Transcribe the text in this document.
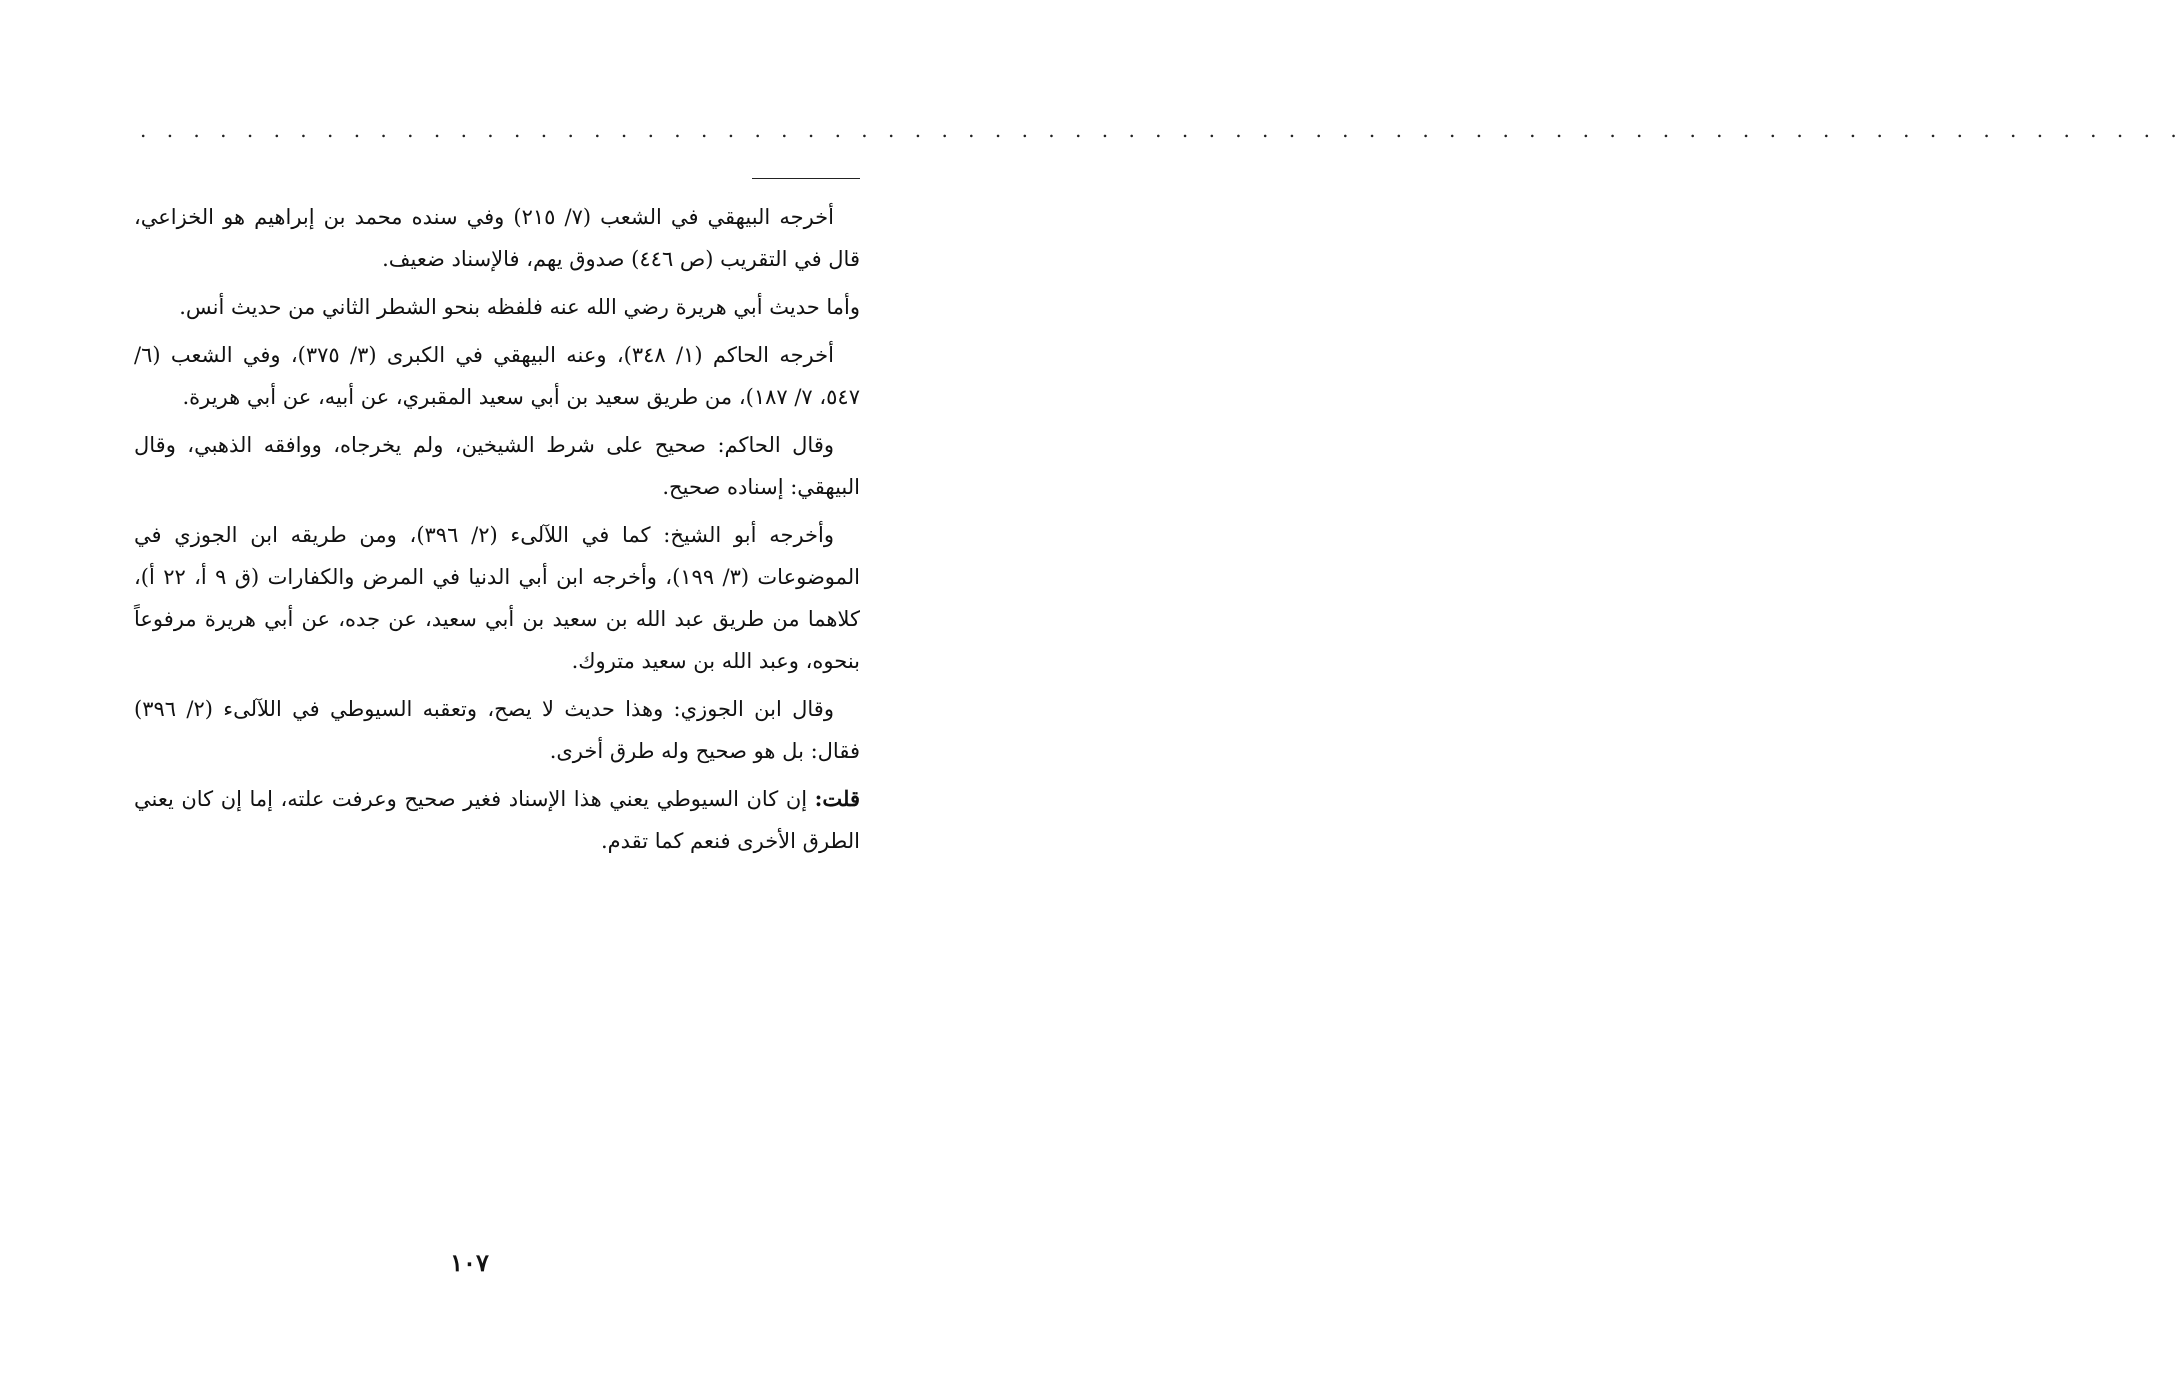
. . . . . . . . . . . . . . . . . . . . . . . . . . . . . . . . . . . . . . . . . . . . . . . . . . . . . . . . . . . . . . . . . . . . . . . . . . . . .

أخرجه البيهقي في الشعب (٧/ ٢١٥) وفي سنده محمد بن إبراهيم هو الخزاعي، قال في التقريب (ص ٤٤٦) صدوق يهم، فالإسناد ضعيف.

وأما حديث أبي هريرة رضي الله عنه فلفظه بنحو الشطر الثاني من حديث أنس.

أخرجه الحاكم (١/ ٣٤٨)، وعنه البيهقي في الكبرى (٣/ ٣٧٥)، وفي الشعب (٦/ ٥٤٧، ٧/ ١٨٧)، من طريق سعيد بن أبي سعيد المقبري، عن أبيه، عن أبي هريرة.

وقال الحاكم: صحيح على شرط الشيخين، ولم يخرجاه، ووافقه الذهبي، وقال البيهقي: إسناده صحيح.

وأخرجه أبو الشيخ: كما في اللآلىء (٢/ ٣٩٦)، ومن طريقه ابن الجوزي في الموضوعات (٣/ ١٩٩)، وأخرجه ابن أبي الدنيا في المرض والكفارات (ق ٩ أ، ٢٢ أ)، كلاهما من طريق عبد الله بن سعيد بن أبي سعيد، عن جده، عن أبي هريرة مرفوعاً بنحوه، وعبد الله بن سعيد متروك.

وقال ابن الجوزي: وهذا حديث لا يصح، وتعقبه السيوطي في اللآلىء (٢/ ٣٩٦) فقال: بل هو صحيح وله طرق أخرى.

قلت: إن كان السيوطي يعني هذا الإسناد فغير صحيح وعرفت علته، إما إن كان يعني الطرق الأخرى فنعم كما تقدم.

١٠٧
